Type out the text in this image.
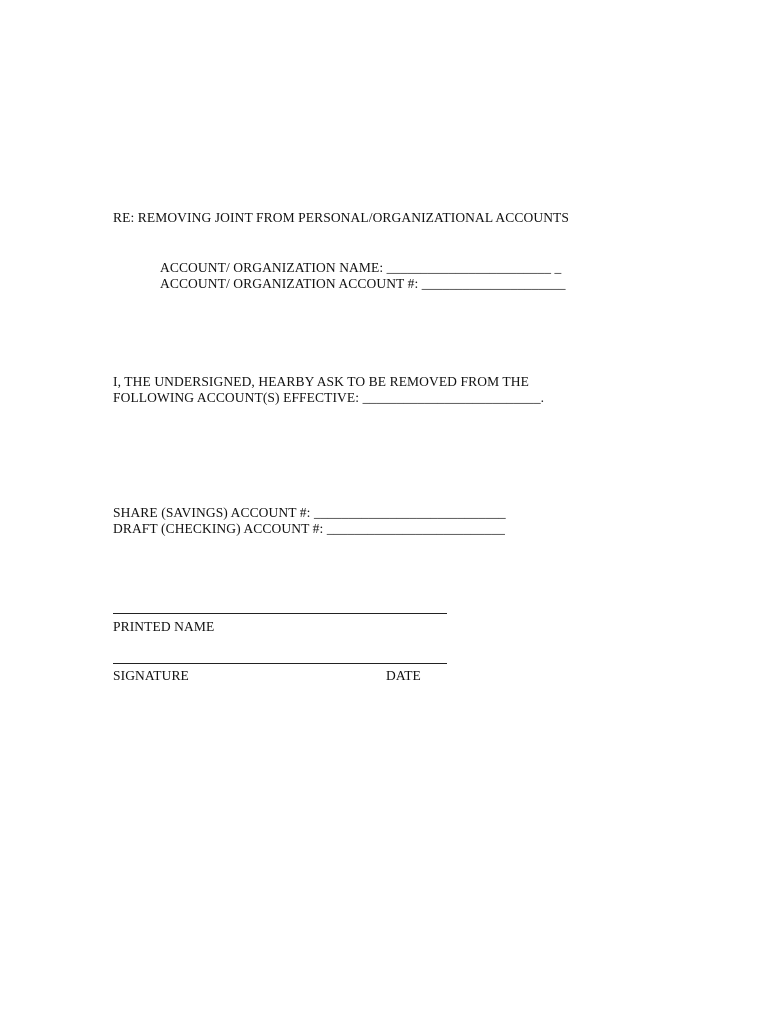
RE: REMOVING JOINT FROM PERSONAL/ORGANIZATIONAL ACCOUNTS
ACCOUNT/ ORGANIZATION NAME: ________________________ _
ACCOUNT/ ORGANIZATION ACCOUNT #: _____________________
I, THE UNDERSIGNED, HEARBY ASK TO BE REMOVED FROM THE
FOLLOWING ACCOUNT(S) EFFECTIVE: __________________________.
SHARE (SAVINGS) ACCOUNT #: ____________________________
DRAFT (CHECKING) ACCOUNT #: __________________________
PRINTED NAME
SIGNATURE	DATE
